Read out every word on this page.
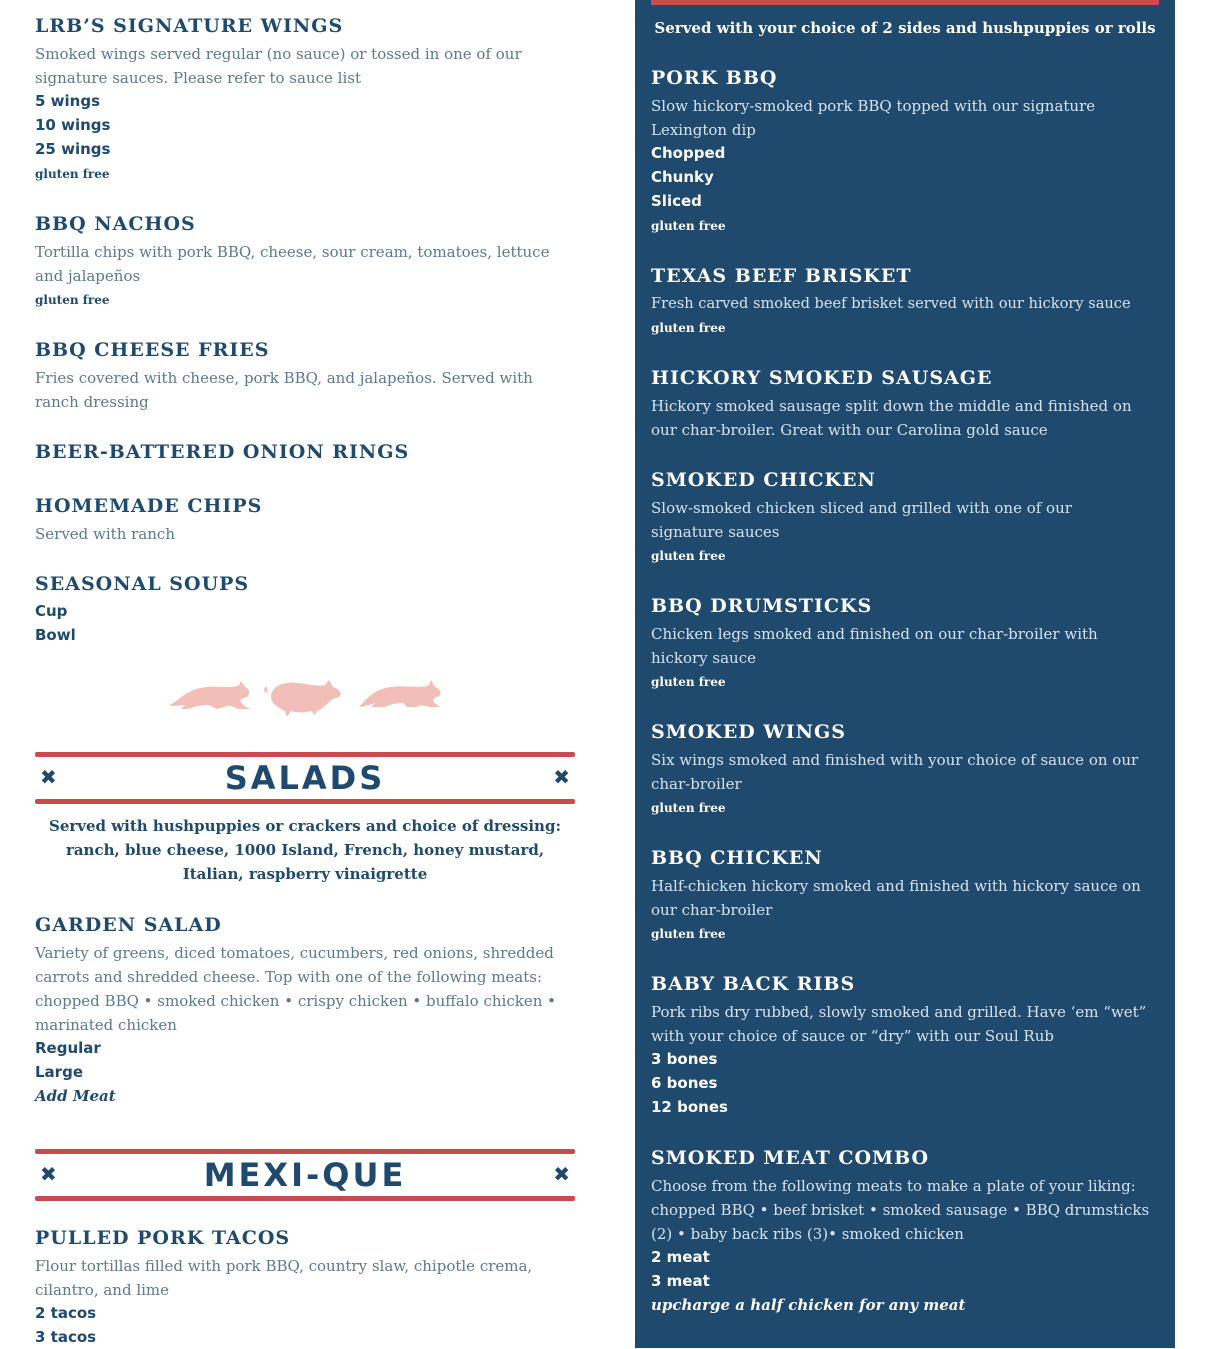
LRB’S SIGNATURE WINGS

Smoked wings served regular (no sauce) or tossed in one of our signature sauces. Please refer to sauce list

5 wings

10 wings

25 wings

gluten free

BBQ NACHOS

Tortilla chips with pork BBQ, cheese, sour cream, tomatoes, lettuce and jalapeños

gluten free

BBQ CHEESE FRIES

Fries covered with cheese, pork BBQ, and jalapeños. Served with ranch dressing

BEER-BATTERED ONION RINGS
HOMEMADE CHIPS

Served with ranch

SEASONAL SOUPS

Cup

Bowl

✖	SALADS	✖

Served with hushpuppies or crackers and choice of dressing: ranch, blue cheese, 1000 Island, French, honey mustard, Italian, raspberry vinaigrette

GARDEN SALAD

Variety of greens, diced tomatoes, cucumbers, red onions, shredded carrots and shredded cheese. Top with one of the following meats: chopped BBQ • smoked chicken • crispy chicken • buffalo chicken • marinated chicken

Regular

Large

Add Meat

✖	MEXI-QUE	✖
PULLED PORK TACOS

Flour tortillas filled with pork BBQ, country slaw, chipotle crema, cilantro, and lime

2 tacos

3 tacos

Served with your choice of 2 sides and hushpuppies or rolls

PORK BBQ

Slow hickory-smoked pork BBQ topped with our signature Lexington dip

Chopped

Chunky

Sliced

gluten free

TEXAS BEEF BRISKET

Fresh carved smoked beef brisket served with our hickory sauce

gluten free

HICKORY SMOKED SAUSAGE

Hickory smoked sausage split down the middle and finished on our char-broiler. Great with our Carolina gold sauce

SMOKED CHICKEN

Slow-smoked chicken sliced and grilled with one of our signature sauces

gluten free

BBQ DRUMSTICKS

Chicken legs smoked and finished on our char-broiler with hickory sauce

gluten free

SMOKED WINGS

Six wings smoked and finished with your choice of sauce on our char-broiler

gluten free

BBQ CHICKEN

Half-chicken hickory smoked and finished with hickory sauce on our char-broiler

gluten free

BABY BACK RIBS

Pork ribs dry rubbed, slowly smoked and grilled. Have ‘em “wet” with your choice of sauce or “dry” with our Soul Rub

3 bones

6 bones

12 bones

SMOKED MEAT COMBO

Choose from the following meats to make a plate of your liking: chopped BBQ • beef brisket • smoked sausage • BBQ drumsticks (2) • baby back ribs (3)• smoked chicken

2 meat

3 meat

upcharge a half chicken for any meat
